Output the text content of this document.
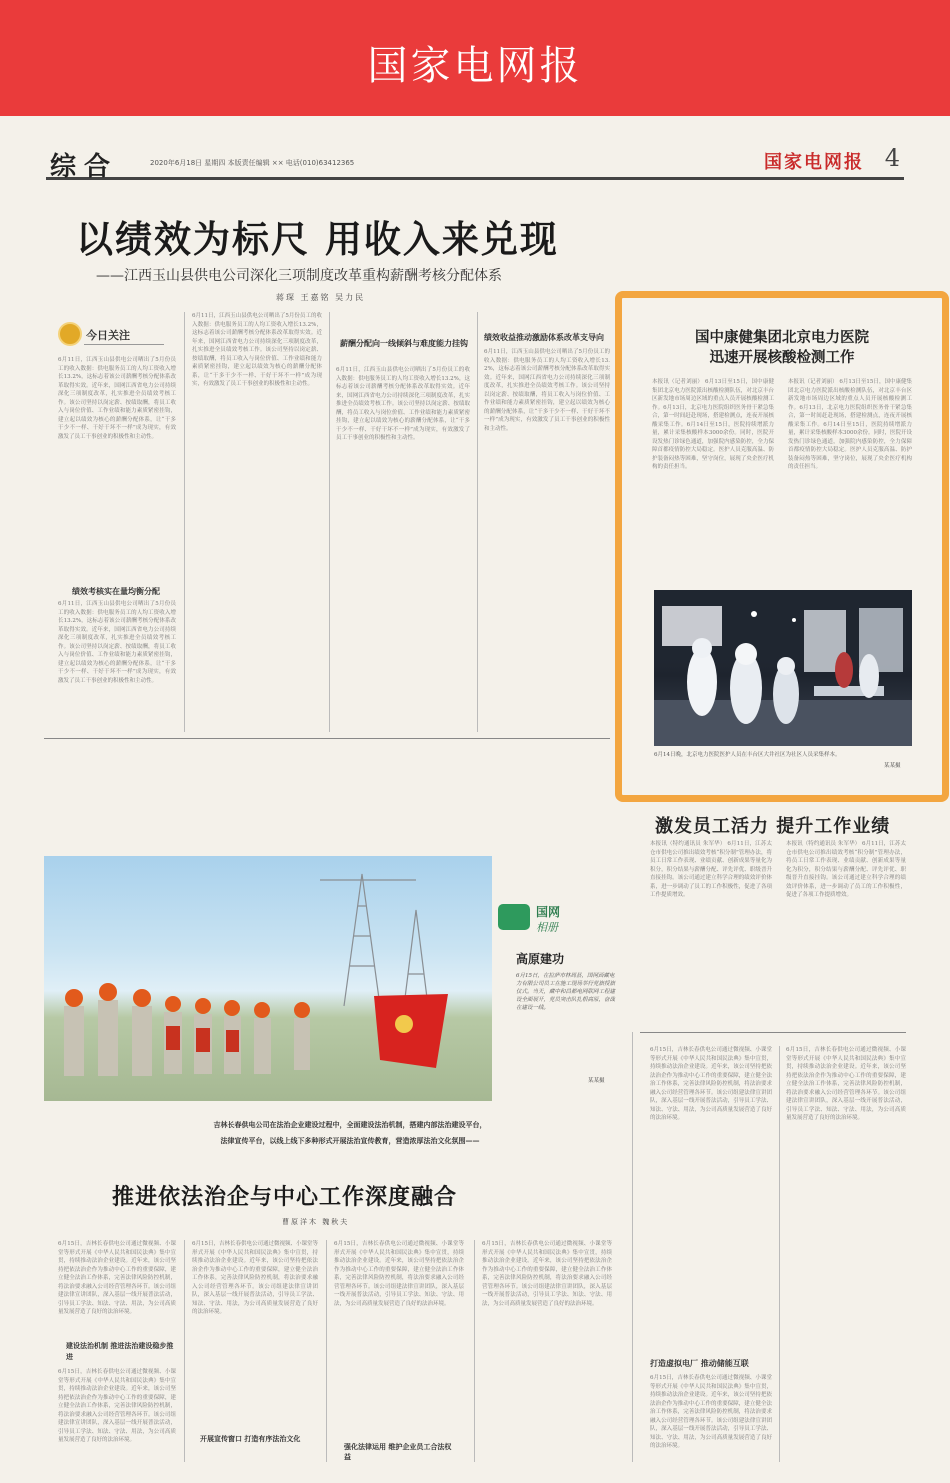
国家电网报
综合	2020年6月18日 星期四 本版责任编辑 ×× 电话(010)63412365	国家电网报 4
以绩效为标尺 用收入来兑现
——江西玉山县供电公司深化三项制度改革重构薪酬考核分配体系
蒋琛 王嘉铭 吴力民
今日关注
6月11日，江西玉山县供电公司晒出了5月份员工的收入数据：供电服务员工的人均工资收入增长13.2%，这标志着该公司薪酬考核分配体系改革取得实效。近年来，国网江西省电力公司持续深化三项制度改革，扎实推进全员绩效考核工作。该公司坚持以岗定薪、按绩取酬，将员工收入与岗位价值、工作业绩和能力素质紧密挂钩，建立起以绩效为核心的薪酬分配体系，让“干多干少不一样、干好干坏不一样”成为现实，有效激发了员工干事创业的积极性和主动性。
绩效考核实在量均衡分配
6月11日，江西玉山县供电公司晒出了5月份员工的收入数据：供电服务员工的人均工资收入增长13.2%，这标志着该公司薪酬考核分配体系改革取得实效。近年来，国网江西省电力公司持续深化三项制度改革，扎实推进全员绩效考核工作。该公司坚持以岗定薪、按绩取酬，将员工收入与岗位价值、工作业绩和能力素质紧密挂钩，建立起以绩效为核心的薪酬分配体系，让“干多干少不一样、干好干坏不一样”成为现实，有效激发了员工干事创业的积极性和主动性。
6月11日，江西玉山县供电公司晒出了5月份员工的收入数据：供电服务员工的人均工资收入增长13.2%，这标志着该公司薪酬考核分配体系改革取得实效。近年来，国网江西省电力公司持续深化三项制度改革，扎实推进全员绩效考核工作。该公司坚持以岗定薪、按绩取酬，将员工收入与岗位价值、工作业绩和能力素质紧密挂钩，建立起以绩效为核心的薪酬分配体系，让“干多干少不一样、干好干坏不一样”成为现实，有效激发了员工干事创业的积极性和主动性。
薪酬分配向一线倾斜与难度能力挂钩
6月11日，江西玉山县供电公司晒出了5月份员工的收入数据：供电服务员工的人均工资收入增长13.2%，这标志着该公司薪酬考核分配体系改革取得实效。近年来，国网江西省电力公司持续深化三项制度改革，扎实推进全员绩效考核工作。该公司坚持以岗定薪、按绩取酬，将员工收入与岗位价值、工作业绩和能力素质紧密挂钩，建立起以绩效为核心的薪酬分配体系，让“干多干少不一样、干好干坏不一样”成为现实，有效激发了员工干事创业的积极性和主动性。
绩效收益推动激励体系改革支导向
6月11日，江西玉山县供电公司晒出了5月份员工的收入数据：供电服务员工的人均工资收入增长13.2%，这标志着该公司薪酬考核分配体系改革取得实效。近年来，国网江西省电力公司持续深化三项制度改革，扎实推进全员绩效考核工作。该公司坚持以岗定薪、按绩取酬，将员工收入与岗位价值、工作业绩和能力素质紧密挂钩，建立起以绩效为核心的薪酬分配体系，让“干多干少不一样、干好干坏不一样”成为现实，有效激发了员工干事创业的积极性和主动性。
国中康健集团北京电力医院
迅速开展核酸检测工作
本报讯（记者刘丽） 6月13日至15日，国中康健集团北京电力医院派出核酸检测队伍，对北京丰台区新发地市场周边区域的重点人员开展核酸检测工作。6月13日，北京电力医院组织医务骨干紧急集合，第一时间赶赴现场，搭建检测点，连夜开展核酸采集工作。6月14日至15日，医院持续增派力量，累计采集核酸样本3000余份。同时，医院开设发热门诊绿色通道，加强院内感染防控，全力保障首都疫情防控大局稳定。医护人员克服高温、防护装备闷热等困难，坚守岗位，展现了央企医疗机构的责任担当。
本报讯（记者刘丽） 6月13日至15日，国中康健集团北京电力医院派出核酸检测队伍，对北京丰台区新发地市场周边区域的重点人员开展核酸检测工作。6月13日，北京电力医院组织医务骨干紧急集合，第一时间赶赴现场，搭建检测点，连夜开展核酸采集工作。6月14日至15日，医院持续增派力量，累计采集核酸样本3000余份。同时，医院开设发热门诊绿色通道，加强院内感染防控，全力保障首都疫情防控大局稳定。医护人员克服高温、防护装备闷热等困难，坚守岗位，展现了央企医疗机构的责任担当。
6月14日晚，北京电力医院医护人员在丰台区大井社区为社区人员采集样本。
某某摄
激发员工活力 提升工作业绩
本报讯（特约通讯员 朱军华） 6月11日，江苏太仓市供电公司推出绩效考核“积分制”管理办法，将员工日常工作表现、业绩贡献、创新成果等量化为积分，积分结果与薪酬分配、评先评优、职级晋升直接挂钩。该公司通过建立科学合理的绩效评价体系，进一步调动了员工的工作积极性，促进了各项工作提质增效。
本报讯（特约通讯员 朱军华） 6月11日，江苏太仓市供电公司推出绩效考核“积分制”管理办法，将员工日常工作表现、业绩贡献、创新成果等量化为积分，积分结果与薪酬分配、评先评优、职级晋升直接挂钩。该公司通过建立科学合理的绩效评价体系，进一步调动了员工的工作积极性，促进了各项工作提质增效。
国网
相册
高原建功
6月15日，在拉萨市林周县，国网西藏电力有限公司员工在施工现场举行党旗授旗仪式。当天，藏中和昌都电网联网工程建设全面展开，党员突击队扎根高原，奋战在建设一线。
某某摄
6月15日，吉林长春供电公司通过微视频、小课堂等形式开展《中华人民共和国民法典》集中宣贯，持续推动法治企业建设。近年来，该公司坚持把依法治企作为推动中心工作的重要保障，建立健全法治工作体系，完善法律风险防控机制，将法治要求融入公司经营管理各环节。该公司组建法律宣讲团队，深入基层一线开展普法活动，引导员工学法、知法、守法、用法，为公司高质量发展营造了良好的法治环境。
打造虚拟电厂 推动储能互联
6月15日，吉林长春供电公司通过微视频、小课堂等形式开展《中华人民共和国民法典》集中宣贯，持续推动法治企业建设。近年来，该公司坚持把依法治企作为推动中心工作的重要保障，建立健全法治工作体系，完善法律风险防控机制，将法治要求融入公司经营管理各环节。该公司组建法律宣讲团队，深入基层一线开展普法活动，引导员工学法、知法、守法、用法，为公司高质量发展营造了良好的法治环境。
6月15日，吉林长春供电公司通过微视频、小课堂等形式开展《中华人民共和国民法典》集中宣贯，持续推动法治企业建设。近年来，该公司坚持把依法治企作为推动中心工作的重要保障，建立健全法治工作体系，完善法律风险防控机制，将法治要求融入公司经营管理各环节。该公司组建法律宣讲团队，深入基层一线开展普法活动，引导员工学法、知法、守法、用法，为公司高质量发展营造了良好的法治环境。
吉林长春供电公司在法治企业建设过程中，全面建设法治机制，搭建内部法治建设平台，
法律宣传平台，以线上线下多种形式开展法治宣传教育，营造浓厚法治文化氛围——
推进依法治企与中心工作深度融合
曹原洋木 魏秋夫
6月15日，吉林长春供电公司通过微视频、小课堂等形式开展《中华人民共和国民法典》集中宣贯，持续推动法治企业建设。近年来，该公司坚持把依法治企作为推动中心工作的重要保障，建立健全法治工作体系，完善法律风险防控机制，将法治要求融入公司经营管理各环节。该公司组建法律宣讲团队，深入基层一线开展普法活动，引导员工学法、知法、守法、用法，为公司高质量发展营造了良好的法治环境。
建设法治机制 推进法治建设稳步推进
6月15日，吉林长春供电公司通过微视频、小课堂等形式开展《中华人民共和国民法典》集中宣贯，持续推动法治企业建设。近年来，该公司坚持把依法治企作为推动中心工作的重要保障，建立健全法治工作体系，完善法律风险防控机制，将法治要求融入公司经营管理各环节。该公司组建法律宣讲团队，深入基层一线开展普法活动，引导员工学法、知法、守法、用法，为公司高质量发展营造了良好的法治环境。
6月15日，吉林长春供电公司通过微视频、小课堂等形式开展《中华人民共和国民法典》集中宣贯，持续推动法治企业建设。近年来，该公司坚持把依法治企作为推动中心工作的重要保障，建立健全法治工作体系，完善法律风险防控机制，将法治要求融入公司经营管理各环节。该公司组建法律宣讲团队，深入基层一线开展普法活动，引导员工学法、知法、守法、用法，为公司高质量发展营造了良好的法治环境。
开展宣传窗口 打造有序法治文化
6月15日，吉林长春供电公司通过微视频、小课堂等形式开展《中华人民共和国民法典》集中宣贯，持续推动法治企业建设。近年来，该公司坚持把依法治企作为推动中心工作的重要保障，建立健全法治工作体系，完善法律风险防控机制，将法治要求融入公司经营管理各环节。该公司组建法律宣讲团队，深入基层一线开展普法活动，引导员工学法、知法、守法、用法，为公司高质量发展营造了良好的法治环境。
强化法律运用 维护企业员工合法权益
6月15日，吉林长春供电公司通过微视频、小课堂等形式开展《中华人民共和国民法典》集中宣贯，持续推动法治企业建设。近年来，该公司坚持把依法治企作为推动中心工作的重要保障，建立健全法治工作体系，完善法律风险防控机制，将法治要求融入公司经营管理各环节。该公司组建法律宣讲团队，深入基层一线开展普法活动，引导员工学法、知法、守法、用法，为公司高质量发展营造了良好的法治环境。
